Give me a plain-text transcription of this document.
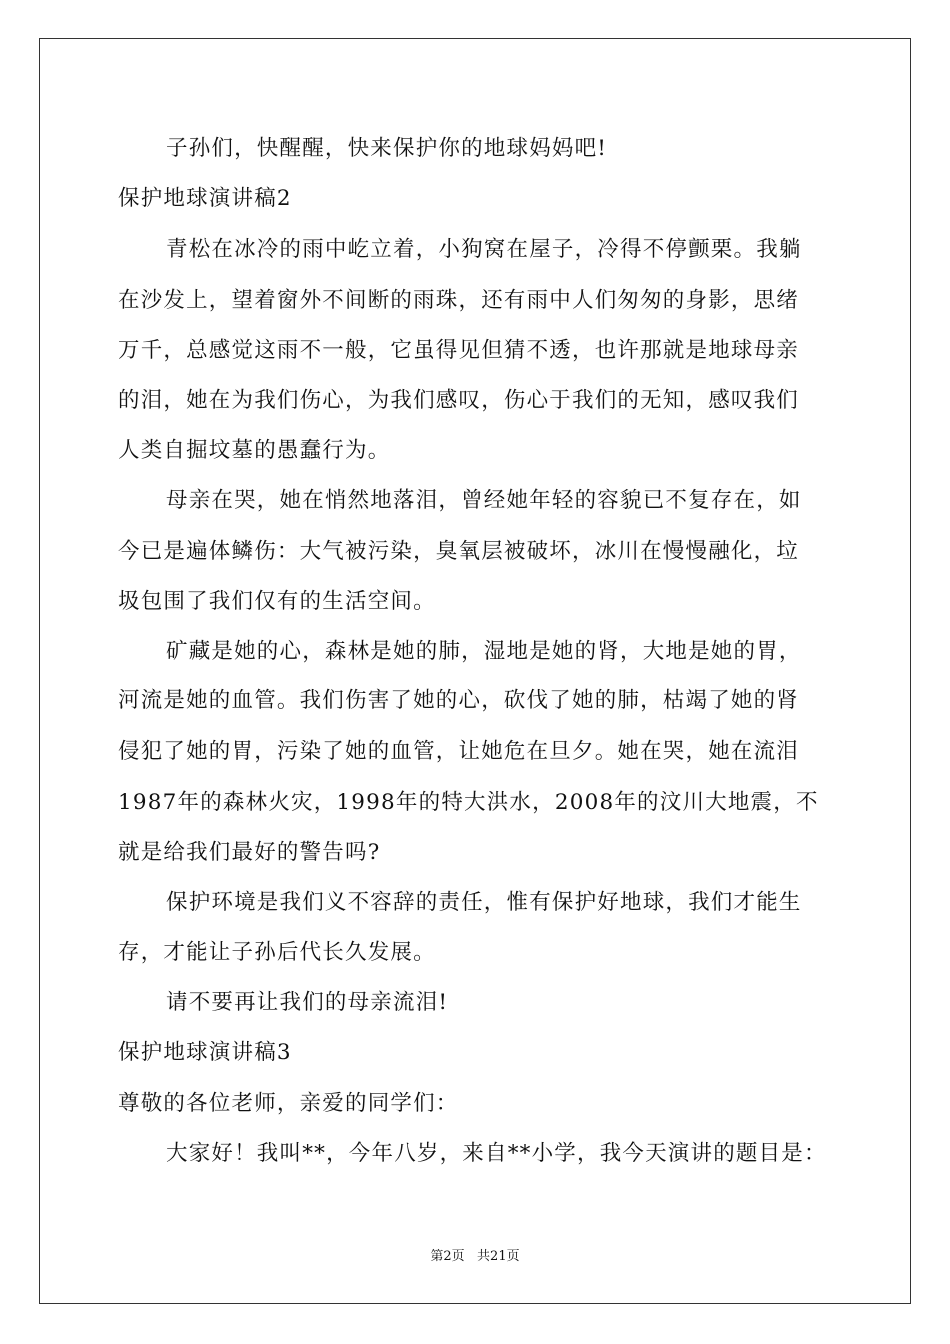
子孙们，快醒醒，快来保护你的地球妈妈吧!
保护地球演讲稿2
青松在冰冷的雨中屹立着，小狗窝在屋子，冷得不停颤栗。我躺
在沙发上，望着窗外不间断的雨珠，还有雨中人们匆匆的身影，思绪
万千，总感觉这雨不一般，它虽得见但猜不透，也许那就是地球母亲
的泪，她在为我们伤心，为我们感叹，伤心于我们的无知，感叹我们
人类自掘坟墓的愚蠢行为。
母亲在哭，她在悄然地落泪，曾经她年轻的容貌已不复存在，如
今已是遍体鳞伤：大气被污染，臭氧层被破坏，冰川在慢慢融化，垃
圾包围了我们仅有的生活空间。
矿藏是她的心，森林是她的肺，湿地是她的肾，大地是她的胃，
河流是她的血管。我们伤害了她的心，砍伐了她的肺，枯竭了她的肾
侵犯了她的胃，污染了她的血管，让她危在旦夕。她在哭，她在流泪
1987年的森林火灾，1998年的特大洪水，2008年的汶川大地震，不
就是给我们最好的警告吗?
保护环境是我们义不容辞的责任，惟有保护好地球，我们才能生
存，才能让子孙后代长久发展。
请不要再让我们的母亲流泪!
保护地球演讲稿3
尊敬的各位老师，亲爱的同学们：
大家好！我叫**，今年八岁，来自**小学，我今天演讲的题目是：
第2页   共21页
